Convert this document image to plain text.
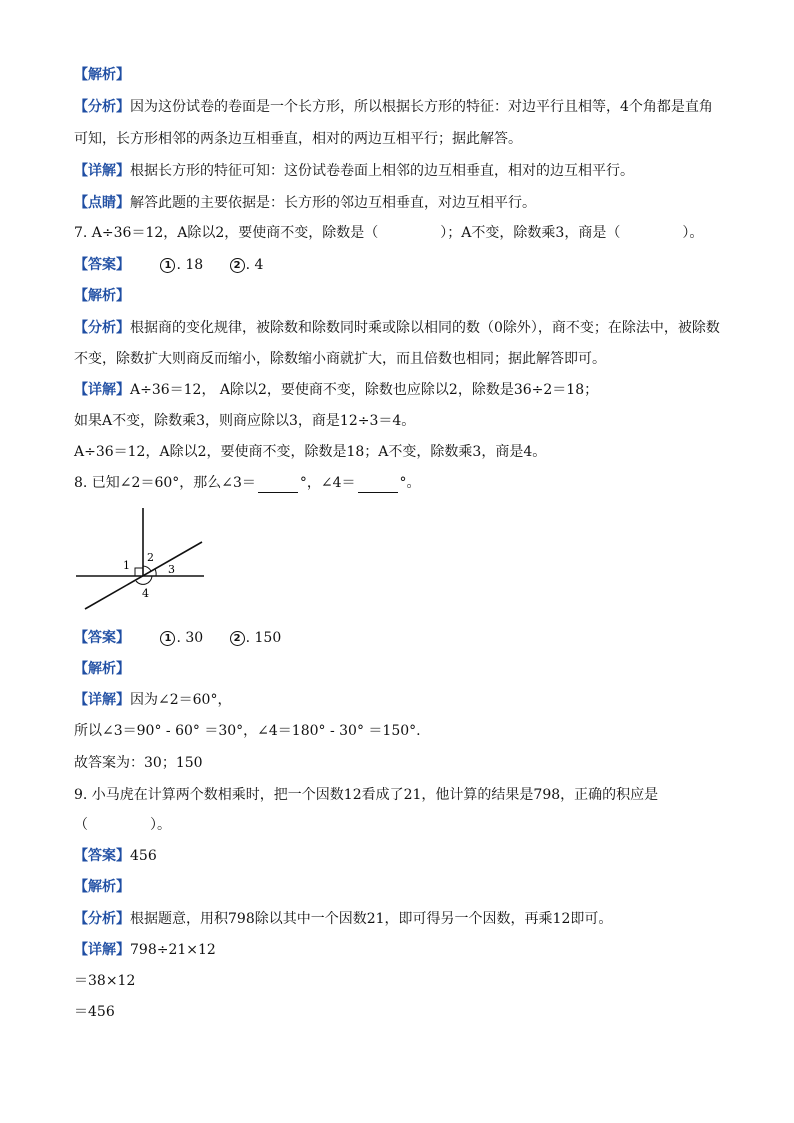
【解析】
【分析】因为这份试卷的卷面是一个长方形，所以根据长方形的特征：对边平行且相等，4个角都是直角
可知，长方形相邻的两条边互相垂直，相对的两边互相平行；据此解答。
【详解】根据长方形的特征可知：这份试卷卷面上相邻的边互相垂直，相对的边互相平行。
【点睛】解答此题的主要依据是：长方形的邻边互相垂直，对边互相平行。
7. A÷36＝12，A除以2，要使商不变，除数是（	）；A不变，除数乘3，商是（	）。
【答案】	1 . 18	2 . 4
【解析】
【分析】根据商的变化规律，被除数和除数同时乘或除以相同的数（0除外），商不变；在除法中，被除数
不变，除数扩大则商反而缩小，除数缩小商就扩大，而且倍数也相同；据此解答即可。
【详解】A÷36＝12， A除以2，要使商不变，除数也应除以2，除数是36÷2＝18；
如果A不变，除数乘3，则商应除以3，商是12÷3＝4。
A÷36＝12，A除以2，要使商不变，除数是18；A不变，除数乘3，商是4。
8. 已知∠2＝60°，那么∠3＝	°，∠4＝	°。
1
2
3
4
【答案】	1 . 30	2 . 150
【解析】
【详解】因为∠2＝60°，
所以∠3＝90° - 60° ＝30°，∠4＝180° - 30° ＝150°.
故答案为：30；150
9. 小马虎在计算两个数相乘时，把一个因数12看成了21，他计算的结果是798，正确的积应是
（	）。
【答案】456
【解析】
【分析】根据题意，用积798除以其中一个因数21，即可得另一个因数，再乘12即可。
【详解】798÷21×12
＝38×12
＝456
